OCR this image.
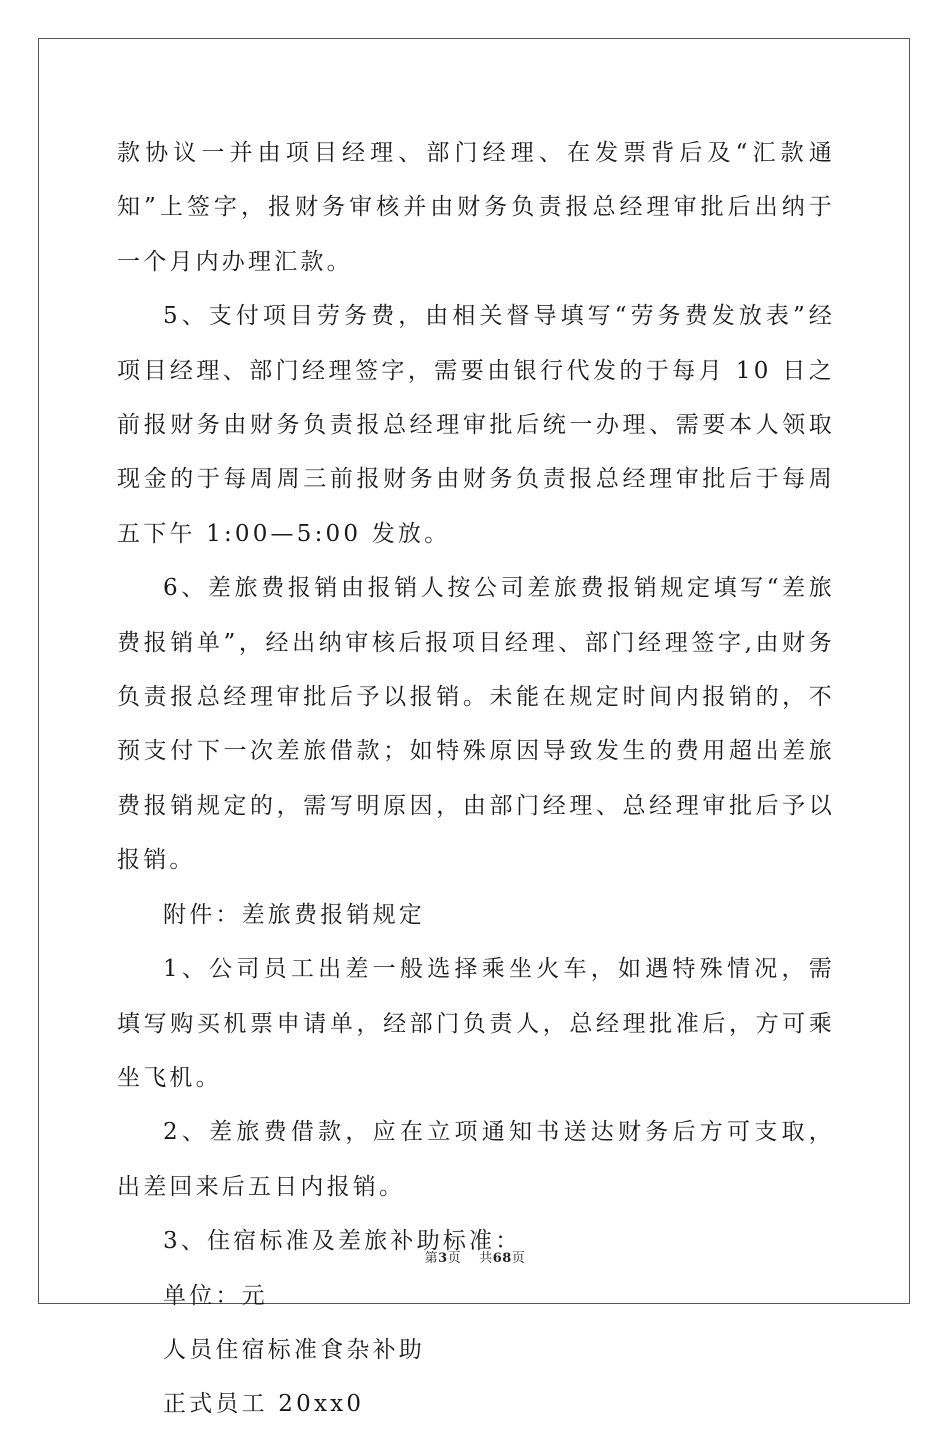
款协议一并由项目经理、部门经理、在发票背后及“汇款通知”上签字，报财务审核并由财务负责报总经理审批后出纳于一个月内办理汇款。

5、支付项目劳务费，由相关督导填写“劳务费发放表”经项目经理、部门经理签字，需要由银行代发的于每月 10 日之前报财务由财务负责报总经理审批后统一办理、需要本人领取现金的于每周周三前报财务由财务负责报总经理审批后于每周五下午 1:00—5:00 发放。

6、差旅费报销由报销人按公司差旅费报销规定填写“差旅费报销单”，经出纳审核后报项目经理、部门经理签字,由财务负责报总经理审批后予以报销。未能在规定时间内报销的，不预支付下一次差旅借款；如特殊原因导致发生的费用超出差旅费报销规定的，需写明原因，由部门经理、总经理审批后予以报销。

附件：差旅费报销规定

1、公司员工出差一般选择乘坐火车，如遇特殊情况，需填写购买机票申请单，经部门负责人，总经理批准后，方可乘坐飞机。

2、差旅费借款，应在立项通知书送达财务后方可支取，出差回来后五日内报销。

3、住宿标准及差旅补助标准：

单位：元

人员住宿标准食杂补助

正式员工 20xx0

第3页 共68页
